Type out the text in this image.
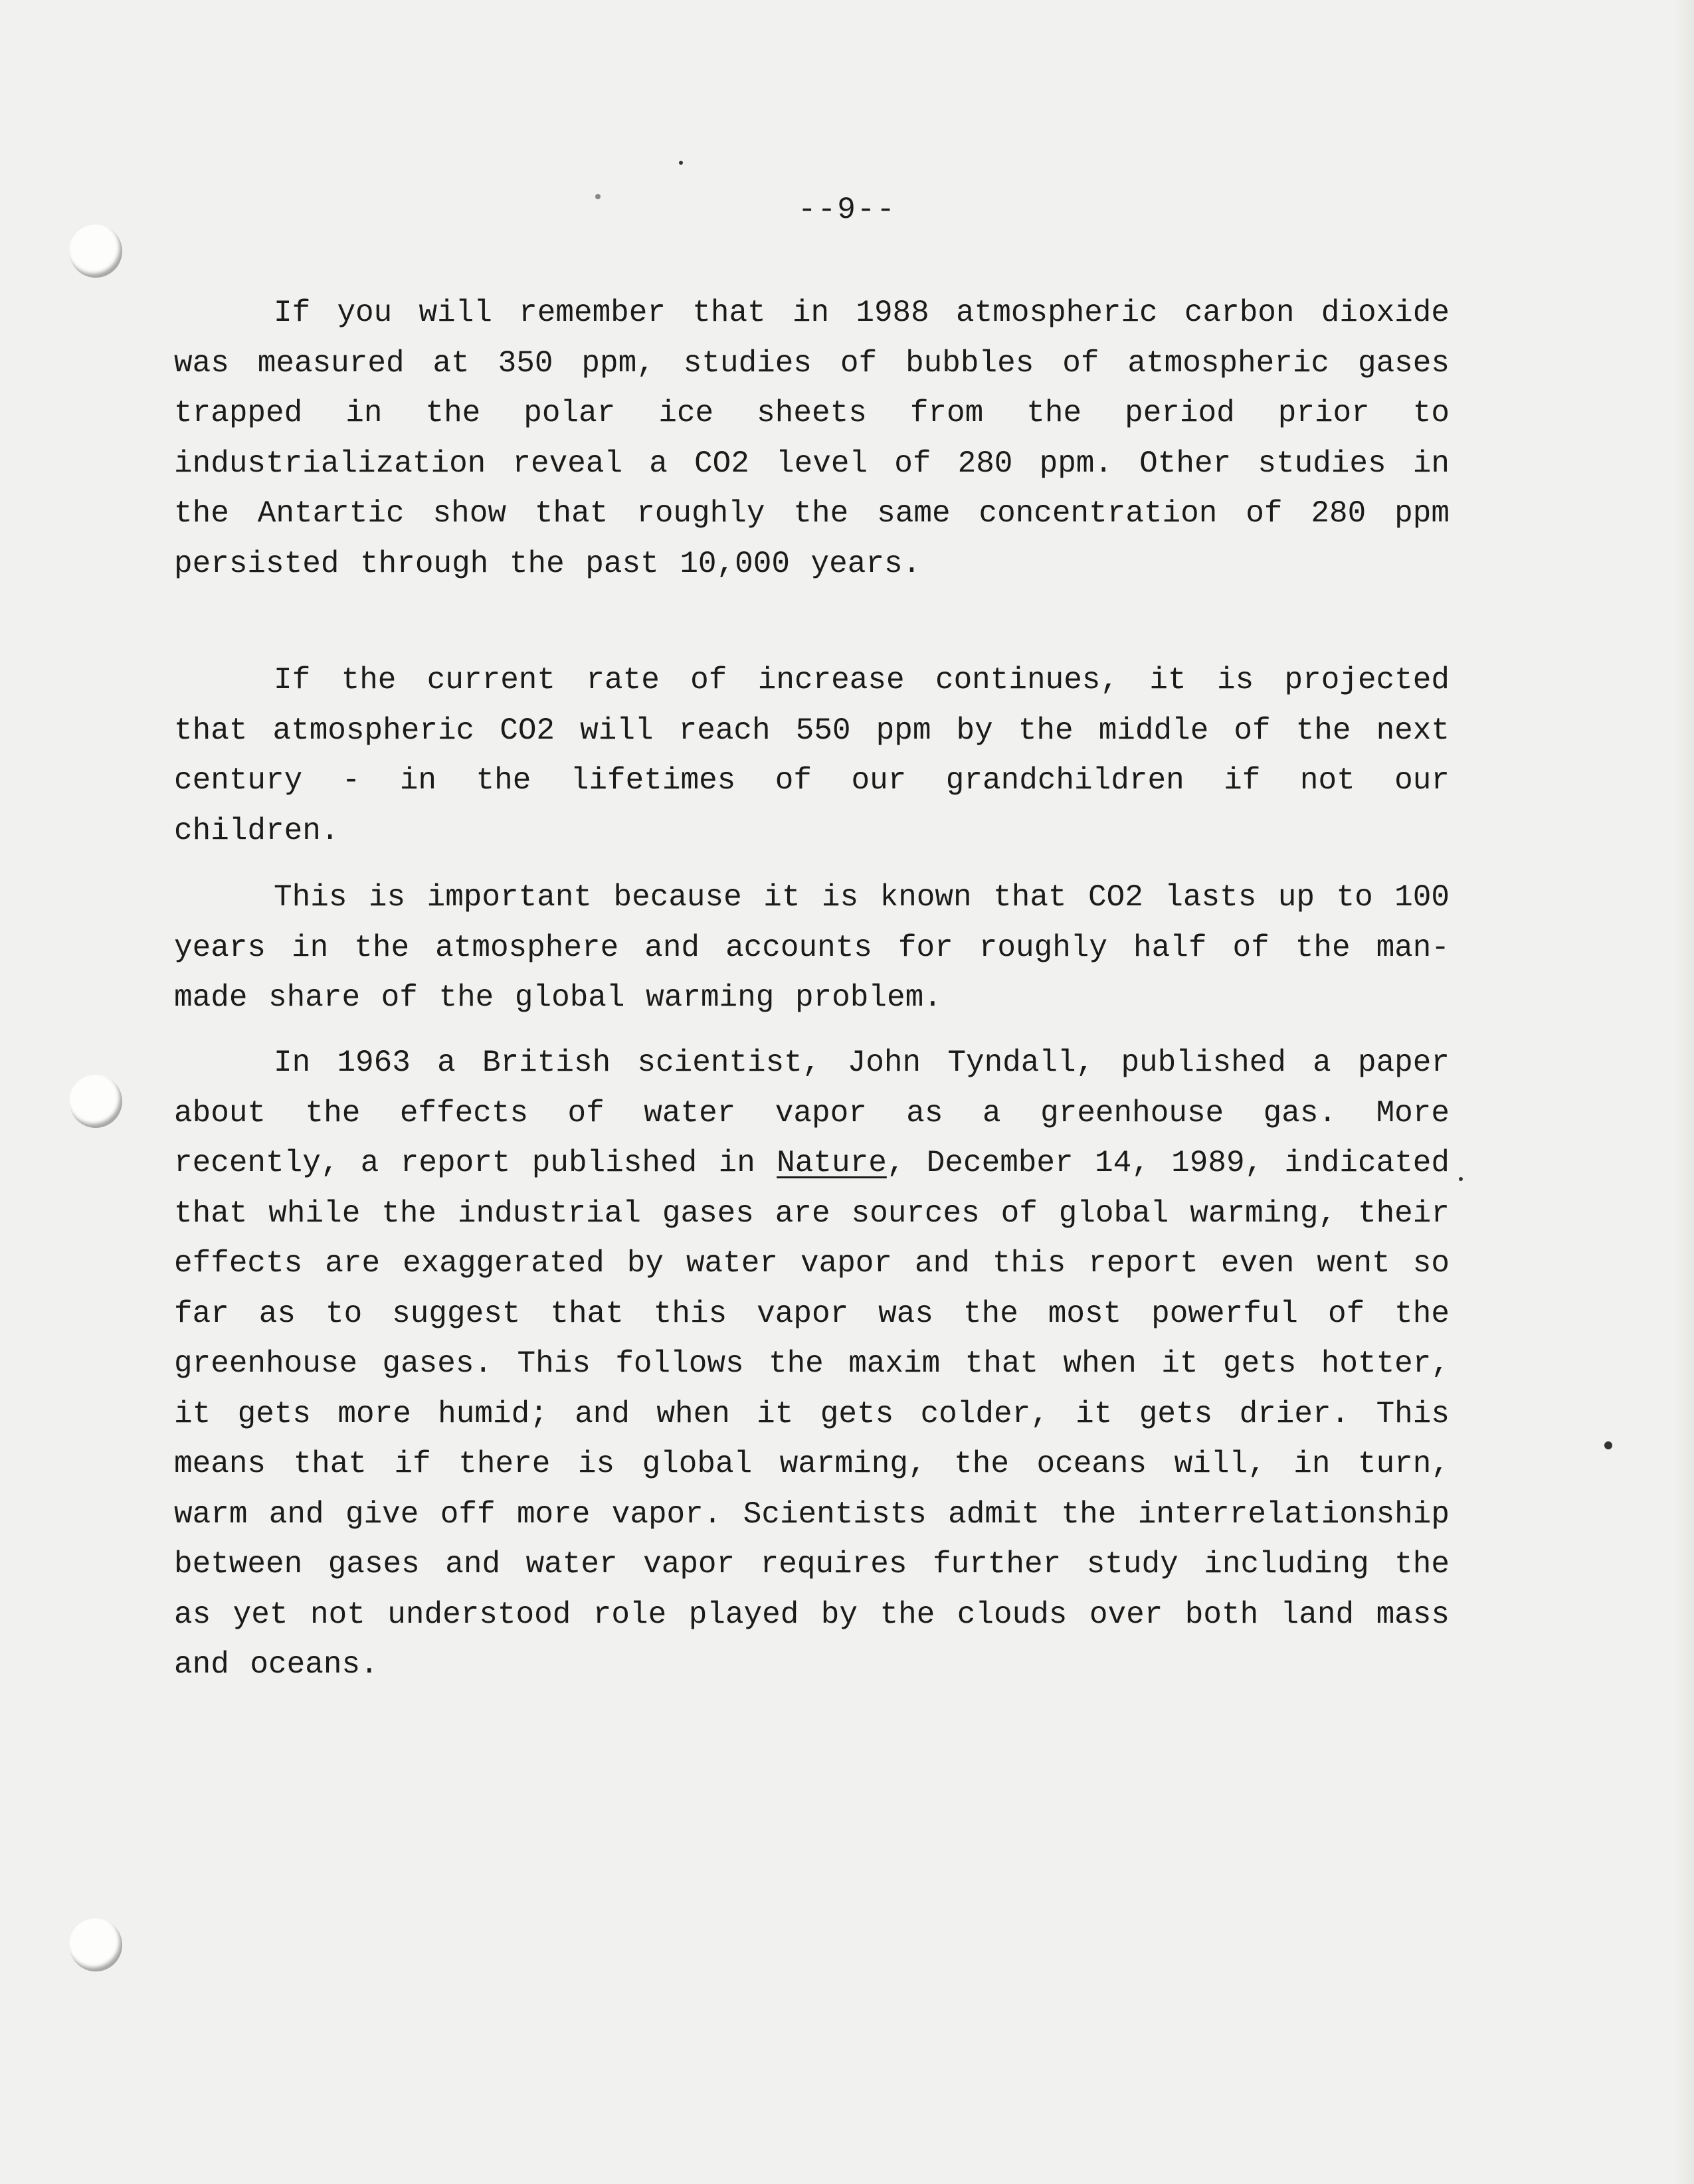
--9--

If you will remember that in 1988 atmospheric carbon dioxide was measured at 350 ppm, studies of bubbles of atmospheric gases trapped in the polar ice sheets from the period prior to industrialization reveal a CO2 level of 280 ppm. Other studies in the Antartic show that roughly the same concentration of 280 ppm persisted through the past 10,000 years.

If the current rate of increase continues, it is projected that atmospheric CO2 will reach 550 ppm by the middle of the next century - in the lifetimes of our grandchildren if not our children.

This is important because it is known that CO2 lasts up to 100 years in the atmosphere and accounts for roughly half of the man-made share of the global warming problem.

In 1963 a British scientist, John Tyndall, published a paper about the effects of water vapor as a greenhouse gas. More recently, a report published in Nature, December 14, 1989, indicated that while the industrial gases are sources of global warming, their effects are exaggerated by water vapor and this report even went so far as to suggest that this vapor was the most powerful of the greenhouse gases. This follows the maxim that when it gets hotter, it gets more humid; and when it gets colder, it gets drier. This means that if there is global warming, the oceans will, in turn, warm and give off more vapor. Scientists admit the interrelationship between gases and water vapor requires further study including the as yet not understood role played by the clouds over both land mass and oceans.
